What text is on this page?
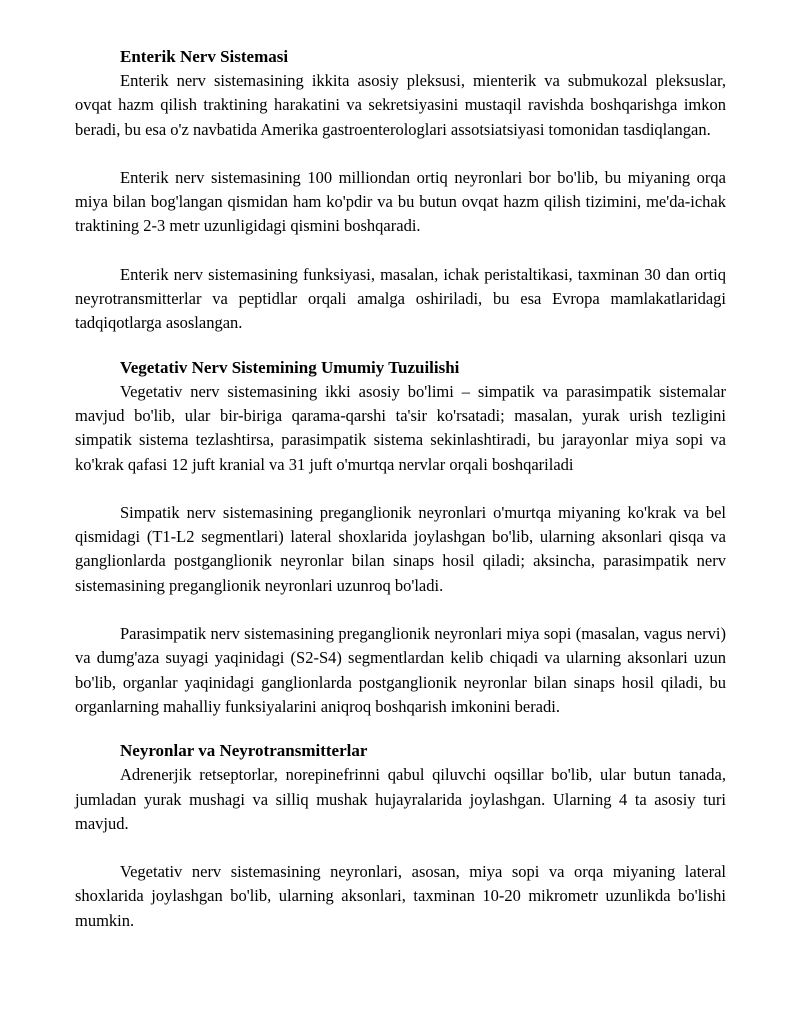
Enterik Nerv Sistemasi

Enterik nerv sistemasining ikkita asosiy pleksusi, mienterik va submukozal pleksuslar, ovqat hazm qilish traktining harakatini va sekretsiyasini mustaqil ravishda boshqarishga imkon beradi, bu esa o'z navbatida Amerika gastroenterologlari assotsiatsiyasi tomonidan tasdiqlangan.

Enterik nerv sistemasining 100 milliondan ortiq neyronlari bor bo'lib, bu miyaning orqa miya bilan bog'langan qismidan ham ko'pdir va bu butun ovqat hazm qilish tizimini, me'da-ichak traktining 2-3 metr uzunligidagi qismini boshqaradi.

Enterik nerv sistemasining funksiyasi, masalan, ichak peristaltikasi, taxminan 30 dan ortiq neyrotransmitterlar va peptidlar orqali amalga oshiriladi, bu esa Evropa mamlakatlaridagi tadqiqotlarga asoslangan.

Vegetativ Nerv Sistemining Umumiy Tuzuilishi

Vegetativ nerv sistemasining ikki asosiy bo'limi – simpatik va parasimpatik sistemalar mavjud bo'lib, ular bir-biriga qarama-qarshi ta'sir ko'rsatadi; masalan, yurak urish tezligini simpatik sistema tezlashtirsa, parasimpatik sistema sekinlashtiradi, bu jarayonlar miya sopi va ko'krak qafasi 12 juft kranial va 31 juft o'murtqa nervlar orqali boshqariladi

Simpatik nerv sistemasining preganglionik neyronlari o'murtqa miyaning ko'krak va bel qismidagi (T1-L2 segmentlari) lateral shoxlarida joylashgan bo'lib, ularning aksonlari qisqa va ganglionlarda postganglionik neyronlar bilan sinaps hosil qiladi; aksincha, parasimpatik nerv sistemasining preganglionik neyronlari uzunroq bo'ladi.

Parasimpatik nerv sistemasining preganglionik neyronlari miya sopi (masalan, vagus nervi) va dumg'aza suyagi yaqinidagi (S2-S4) segmentlardan kelib chiqadi va ularning aksonlari uzun bo'lib, organlar yaqinidagi ganglionlarda postganglionik neyronlar bilan sinaps hosil qiladi, bu organlarning mahalliy funksiyalarini aniqroq boshqarish imkonini beradi.

Neyronlar va Neyrotransmitterlar

Adrenerjik retseptorlar, norepinefrinni qabul qiluvchi oqsillar bo'lib, ular butun tanada, jumladan yurak mushagi va silliq mushak hujayralarida joylashgan. Ularning 4 ta asosiy turi mavjud.

Vegetativ nerv sistemasining neyronlari, asosan, miya sopi va orqa miyaning lateral shoxlarida joylashgan bo'lib, ularning aksonlari, taxminan 10-20 mikrometr uzunlikda bo'lishi mumkin.
